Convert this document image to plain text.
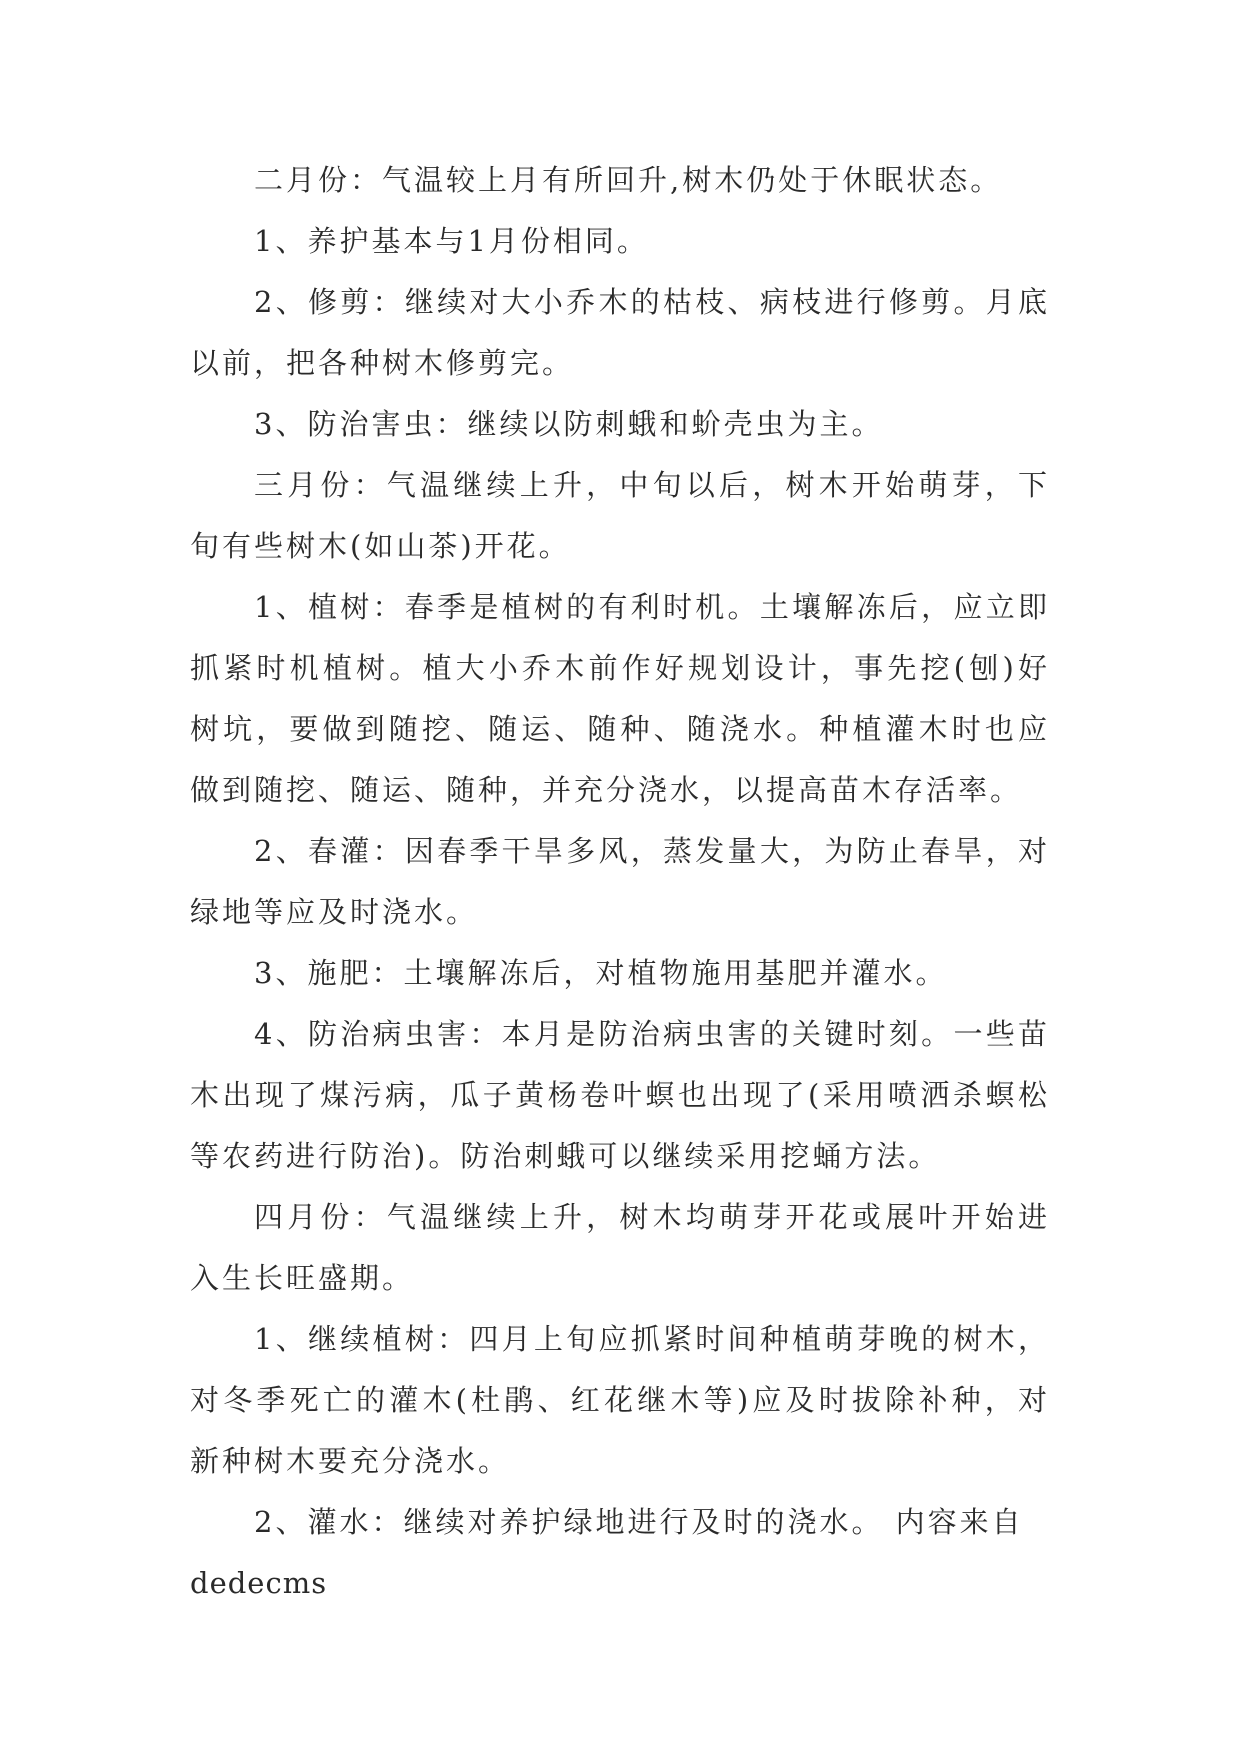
二月份：气温较上月有所回升,树木仍处于休眠状态。

1、养护基本与1月份相同。

2、修剪：继续对大小乔木的枯枝、病枝进行修剪。月底以前，把各种树木修剪完。

3、防治害虫：继续以防刺蛾和蚧壳虫为主。

三月份：气温继续上升，中旬以后，树木开始萌芽，下旬有些树木(如山茶)开花。

1、植树：春季是植树的有利时机。土壤解冻后，应立即抓紧时机植树。植大小乔木前作好规划设计，事先挖(刨)好树坑，要做到随挖、随运、随种、随浇水。种植灌木时也应做到随挖、随运、随种，并充分浇水，以提高苗木存活率。

2、春灌：因春季干旱多风，蒸发量大，为防止春旱，对绿地等应及时浇水。

3、施肥：土壤解冻后，对植物施用基肥并灌水。

4、防治病虫害：本月是防治病虫害的关键时刻。一些苗木出现了煤污病，瓜子黄杨卷叶螟也出现了(采用喷洒杀螟松等农药进行防治)。防治刺蛾可以继续采用挖蛹方法。

四月份：气温继续上升，树木均萌芽开花或展叶开始进入生长旺盛期。

1、继续植树：四月上旬应抓紧时间种植萌芽晚的树木，对冬季死亡的灌木(杜鹃、红花继木等)应及时拔除补种，对新种树木要充分浇水。

2、灌水：继续对养护绿地进行及时的浇水。 内容来自

dedecms
